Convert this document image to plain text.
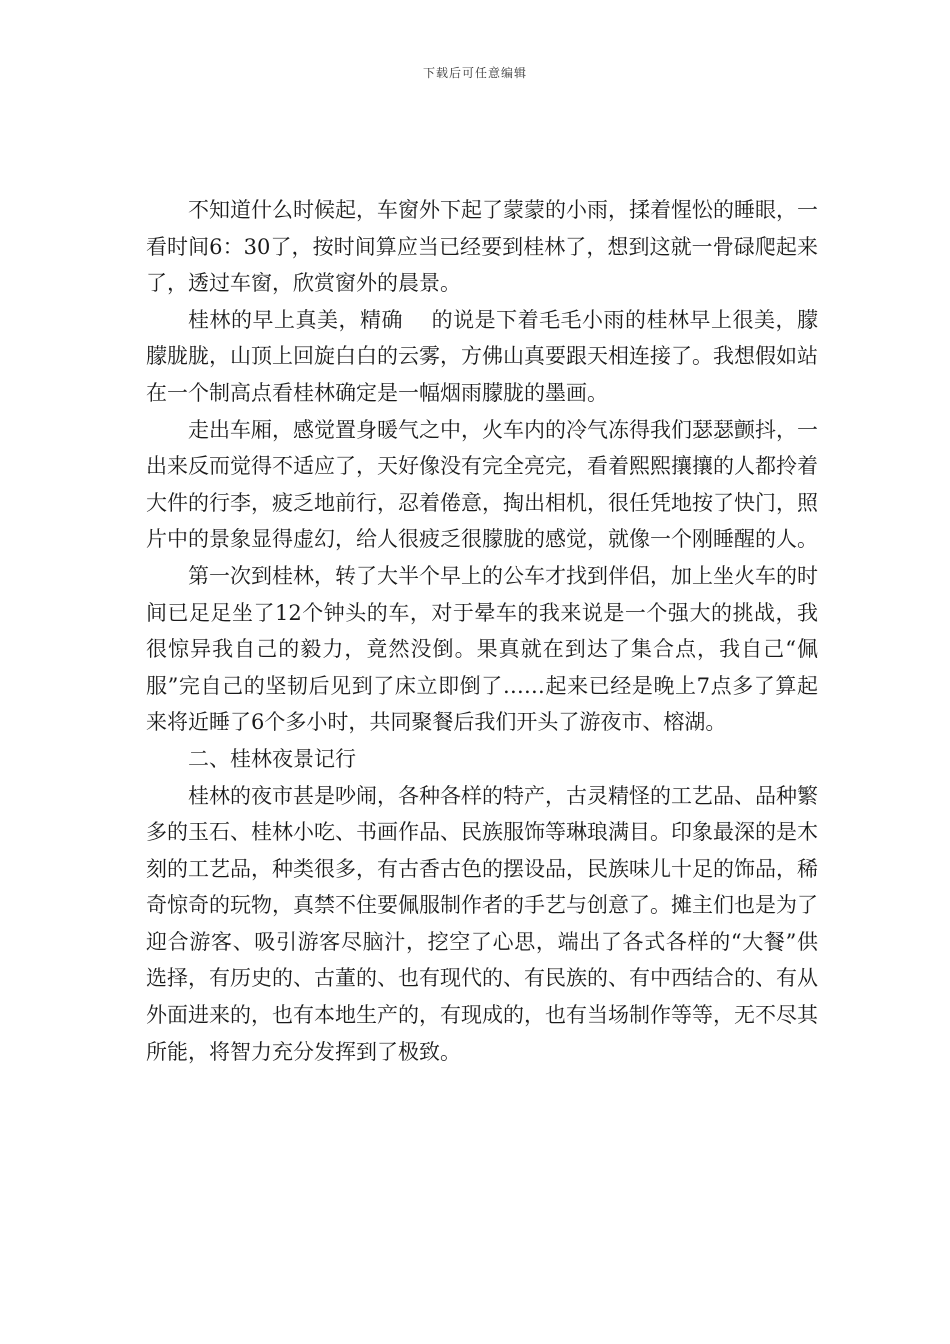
下载后可任意编辑

不知道什么时候起，车窗外下起了蒙蒙的小雨，揉着惺忪的睡眼，一看时间6：30了，按时间算应当已经要到桂林了，想到这就一骨碌爬起来了，透过车窗，欣赏窗外的晨景。

桂林的早上真美，精确　 的说是下着毛毛小雨的桂林早上很美，朦朦胧胧，山顶上回旋白白的云雾，方佛山真要跟天相连接了。我想假如站在一个制高点看桂林确定是一幅烟雨朦胧的墨画。

走出车厢，感觉置身暖气之中，火车内的冷气冻得我们瑟瑟颤抖，一出来反而觉得不适应了，天好像没有完全亮完，看着熙熙攘攘的人都拎着大件的行李，疲乏地前行，忍着倦意，掏出相机，很任凭地按了快门，照片中的景象显得虚幻，给人很疲乏很朦胧的感觉，就像一个刚睡醒的人。

第一次到桂林，转了大半个早上的公车才找到伴侣，加上坐火车的时间已足足坐了12个钟头的车，对于晕车的我来说是一个强大的挑战，我很惊异我自己的毅力，竟然没倒。果真就在到达了集合点，我自己“佩服”完自己的坚韧后见到了床立即倒了……起来已经是晚上7点多了算起来将近睡了6个多小时，共同聚餐后我们开头了游夜市、榕湖。

二、桂林夜景记行

桂林的夜市甚是吵闹，各种各样的特产，古灵精怪的工艺品、品种繁多的玉石、桂林小吃、书画作品、民族服饰等琳琅满目。印象最深的是木刻的工艺品，种类很多，有古香古色的摆设品，民族味儿十足的饰品，稀奇惊奇的玩物，真禁不住要佩服制作者的手艺与创意了。摊主们也是为了迎合游客、吸引游客尽脑汁，挖空了心思，端出了各式各样的“大餐”供选择，有历史的、古董的、也有现代的、有民族的、有中西结合的、有从外面进来的，也有本地生产的，有现成的，也有当场制作等等，无不尽其所能，将智力充分发挥到了极致。
